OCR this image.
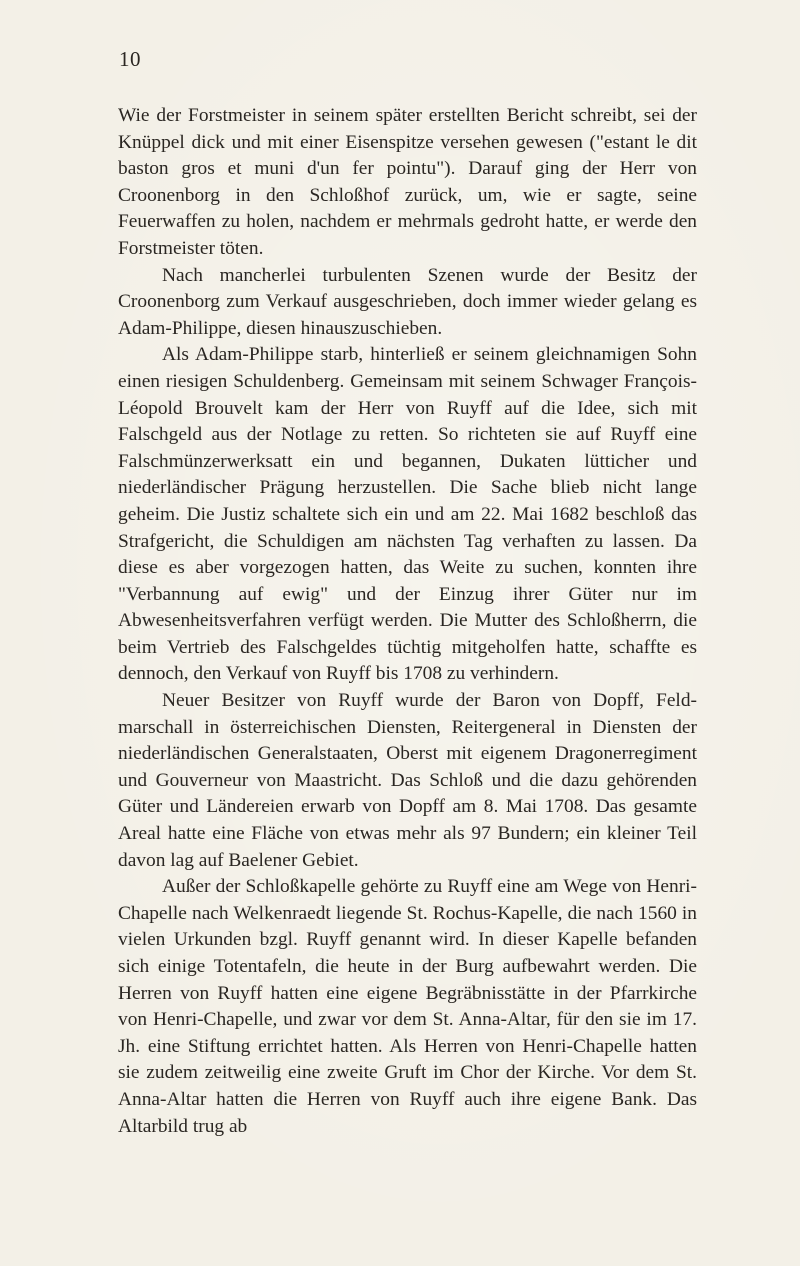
10

Wie der Forstmeister in seinem später erstellten Bericht schreibt, sei der Knüppel dick und mit einer Eisenspitze versehen gewesen ("estant le dit baston gros et muni d'un fer pointu"). Darauf ging der Herr von Croonenborg in den Schloßhof zurück, um, wie er sagte, seine Feuerwaffen zu holen, nachdem er mehrmals gedroht hatte, er werde den Forstmeister töten.

Nach mancherlei turbulenten Szenen wurde der Besitz der Croonenborg zum Verkauf ausgeschrieben, doch immer wieder gelang es Adam-Philippe, diesen hinauszuschieben.

Als Adam-Philippe starb, hinterließ er seinem gleichnamigen Sohn einen riesigen Schuldenberg. Gemeinsam mit seinem Schwager François-Léopold Brouvelt kam der Herr von Ruyff auf die Idee, sich mit Falschgeld aus der Notlage zu retten. So richteten sie auf Ruyff eine Falschmünzerwerksatt ein und begannen, Dukaten lütticher und niederländischer Prägung herzustellen. Die Sache blieb nicht lange geheim. Die Justiz schaltete sich ein und am 22. Mai 1682 beschloß das Strafgericht, die Schuldigen am nächsten Tag verhaften zu lassen. Da diese es aber vorgezogen hatten, das Weite zu suchen, konnten ihre "Verbannung auf ewig" und der Einzug ihrer Güter nur im Abwesenheitsverfahren verfügt werden. Die Mutter des Schloßherrn, die beim Vertrieb des Falschgeldes tüchtig mitgeholfen hatte, schaffte es dennoch, den Verkauf von Ruyff bis 1708 zu verhindern.

Neuer Besitzer von Ruyff wurde der Baron von Dopff, Feldmarschall in österreichischen Diensten, Reitergeneral in Diensten der niederländischen Generalstaaten, Oberst mit eigenem Dragonerregiment und Gouverneur von Maastricht. Das Schloß und die dazu gehörenden Güter und Ländereien erwarb von Dopff am 8. Mai 1708. Das gesamte Areal hatte eine Fläche von etwas mehr als 97 Bundern; ein kleiner Teil davon lag auf Baelener Gebiet.

Außer der Schloßkapelle gehörte zu Ruyff eine am Wege von Henri-Chapelle nach Welkenraedt liegende St. Rochus-Kapelle, die nach 1560 in vielen Urkunden bzgl. Ruyff genannt wird. In dieser Kapelle befanden sich einige Totentafeln, die heute in der Burg aufbewahrt werden. Die Herren von Ruyff hatten eine eigene Begräbnisstätte in der Pfarrkirche von Henri-Chapelle, und zwar vor dem St. Anna-Altar, für den sie im 17. Jh. eine Stiftung errichtet hatten. Als Herren von Henri-Chapelle hatten sie zudem zeitweilig eine zweite Gruft im Chor der Kirche. Vor dem St. Anna-Altar hatten die Herren von Ruyff auch ihre eigene Bank. Das Altarbild trug ab
